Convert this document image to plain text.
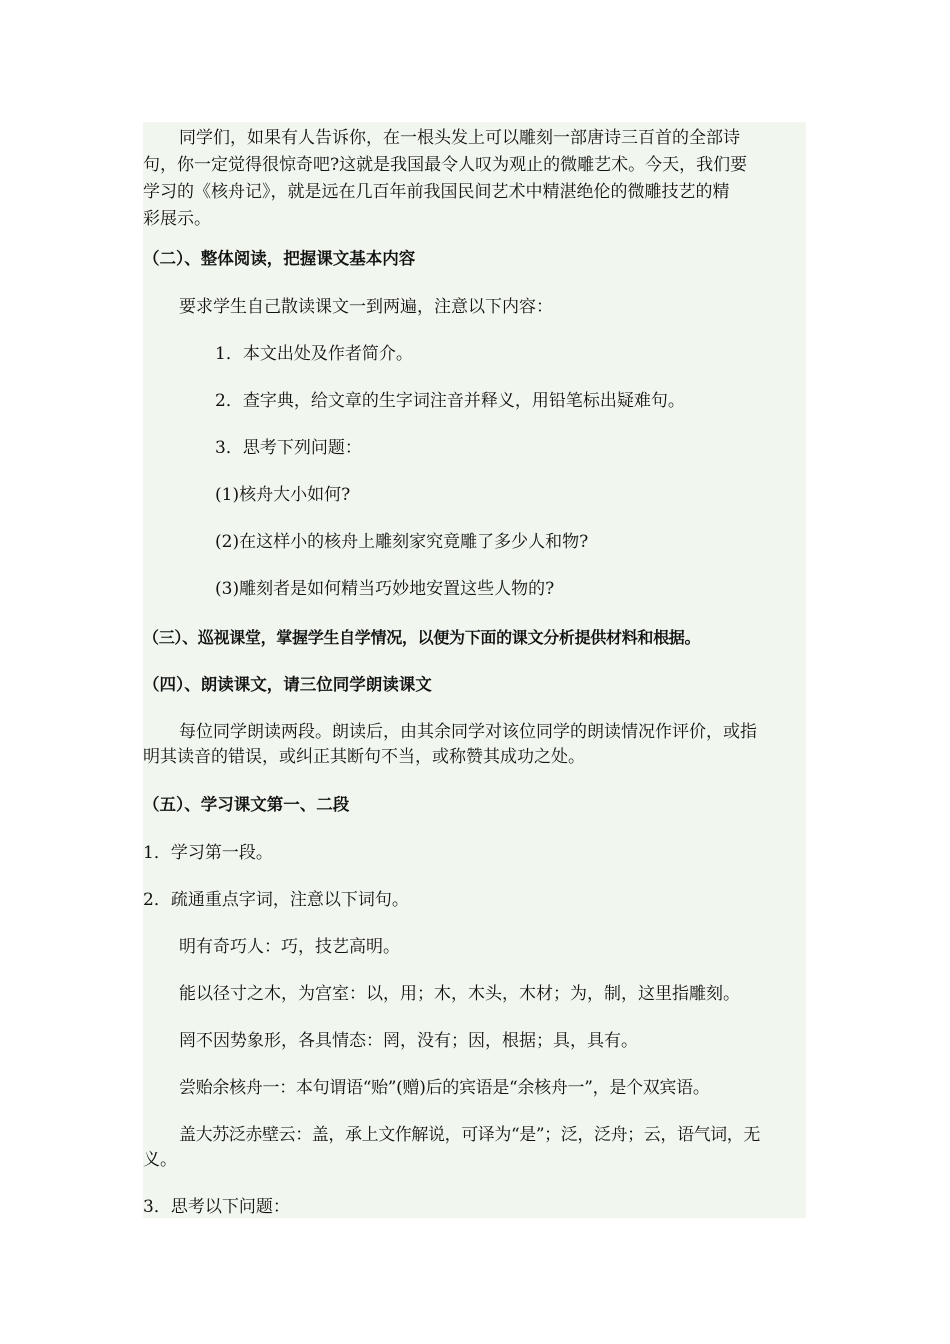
同学们，如果有人告诉你，在一根头发上可以雕刻一部唐诗三百首的全部诗
句，你一定觉得很惊奇吧?这就是我国最令人叹为观止的微雕艺术。今天，我们要
学习的《核舟记》，就是远在几百年前我国民间艺术中精湛绝伦的微雕技艺的精
彩展示。
（二）、整体阅读，把握课文基本内容
要求学生自己散读课文一到两遍，注意以下内容：
1．本文出处及作者简介。
2．查字典，给文章的生字词注音并释义，用铅笔标出疑难句。
3．思考下列问题：
(1)核舟大小如何?
(2)在这样小的核舟上雕刻家究竟雕了多少人和物?
(3)雕刻者是如何精当巧妙地安置这些人物的?
（三）、巡视课堂，掌握学生自学情况，以便为下面的课文分析提供材料和根据。
（四）、朗读课文，请三位同学朗读课文
每位同学朗读两段。朗读后，由其余同学对该位同学的朗读情况作评价，或指
明其读音的错误，或纠正其断句不当，或称赞其成功之处。
（五）、学习课文第一、二段
1．学习第一段。
2．疏通重点字词，注意以下词句。
明有奇巧人：巧，技艺高明。
能以径寸之木，为宫室：以，用；木，木头，木材；为，制，这里指雕刻。
罔不因势象形，各具情态：罔，没有；因，根据；具，具有。
尝贻余核舟一：本句谓语“贻”(赠)后的宾语是“余核舟一”，是个双宾语。
盖大苏泛赤壁云：盖，承上文作解说，可译为“是”；泛，泛舟；云，语气词，无
义。
3．思考以下问题：
